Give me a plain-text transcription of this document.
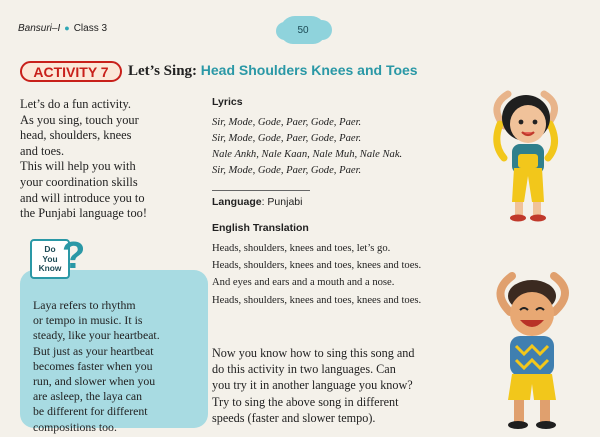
Bansuri–I ● Class 3	50
ACTIVITY 7 Let’s Sing: Head Shoulders Knees and Toes

Let’s do a fun activity.

As you sing, touch your

head, shoulders, knees

and toes.

This will help you with

your coordination skills

and will introduce you to

the Punjabi language too!

Lyrics

Sir, Mode, Gode, Paer, Gode, Paer.

Sir, Mode, Gode, Paer, Gode, Paer.

Nale Ankh, Nale Kaan, Nale Muh, Nale Nak.

Sir, Mode, Gode, Paer, Gode, Paer.

Language: Punjabi
English Translation

Heads, shoulders, knees and toes, let’s go.

Heads, shoulders, knees and toes, knees and toes.

And eyes and ears and a mouth and a nose.

Heads, shoulders, knees and toes, knees and toes.

Do
You
Know ?

Laya refers to rhythm

or tempo in music. It is

steady, like your heartbeat.

But just as your heartbeat

becomes faster when you

run, and slower when you

are asleep, the laya can

be different for different

compositions too.

Now you know how to sing this song and

do this activity in two languages. Can

you try it in another language you know?

Try to sing the above song in different

speeds (faster and slower tempo).
